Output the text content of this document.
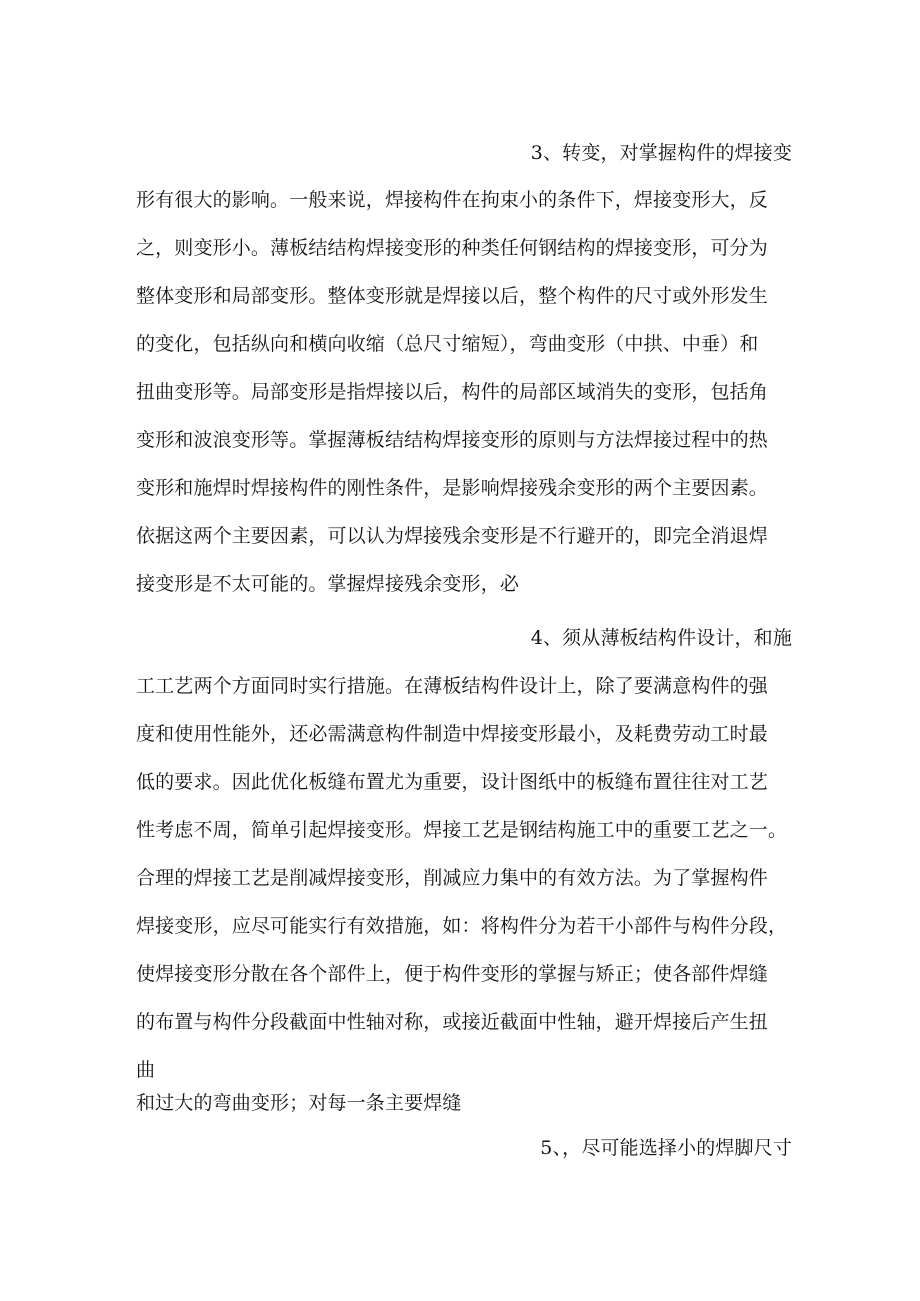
3、转变，对掌握构件的焊接变
形有很大的影响。一般来说，焊接构件在拘束小的条件下，焊接变形大，反
之，则变形小。薄板结结构焊接变形的种类任何钢结构的焊接变形，可分为
整体变形和局部变形。整体变形就是焊接以后，整个构件的尺寸或外形发生
的变化，包括纵向和横向收缩（总尺寸缩短），弯曲变形（中拱、中垂）和
扭曲变形等。局部变形是指焊接以后，构件的局部区域消失的变形，包括角
变形和波浪变形等。掌握薄板结结构焊接变形的原则与方法焊接过程中的热
变形和施焊时焊接构件的刚性条件，是影响焊接残余变形的两个主要因素。
依据这两个主要因素，可以认为焊接残余变形是不行避开的，即完全消退焊
接变形是不太可能的。掌握焊接残余变形，必
4、须从薄板结构件设计，和施
工工艺两个方面同时实行措施。在薄板结构件设计上，除了要满意构件的强
度和使用性能外，还必需满意构件制造中焊接变形最小，及耗费劳动工时最
低的要求。因此优化板缝布置尤为重要，设计图纸中的板缝布置往往对工艺
性考虑不周，简单引起焊接变形。焊接工艺是钢结构施工中的重要工艺之一。
合理的焊接工艺是削减焊接变形，削减应力集中的有效方法。为了掌握构件
焊接变形，应尽可能实行有效措施，如：将构件分为若干小部件与构件分段，
使焊接变形分散在各个部件上，便于构件变形的掌握与矫正；使各部件焊缝
的布置与构件分段截面中性轴对称，或接近截面中性轴，避开焊接后产生扭
曲
和过大的弯曲变形；对每一条主要焊缝
5、，尽可能选择小的焊脚尺寸
